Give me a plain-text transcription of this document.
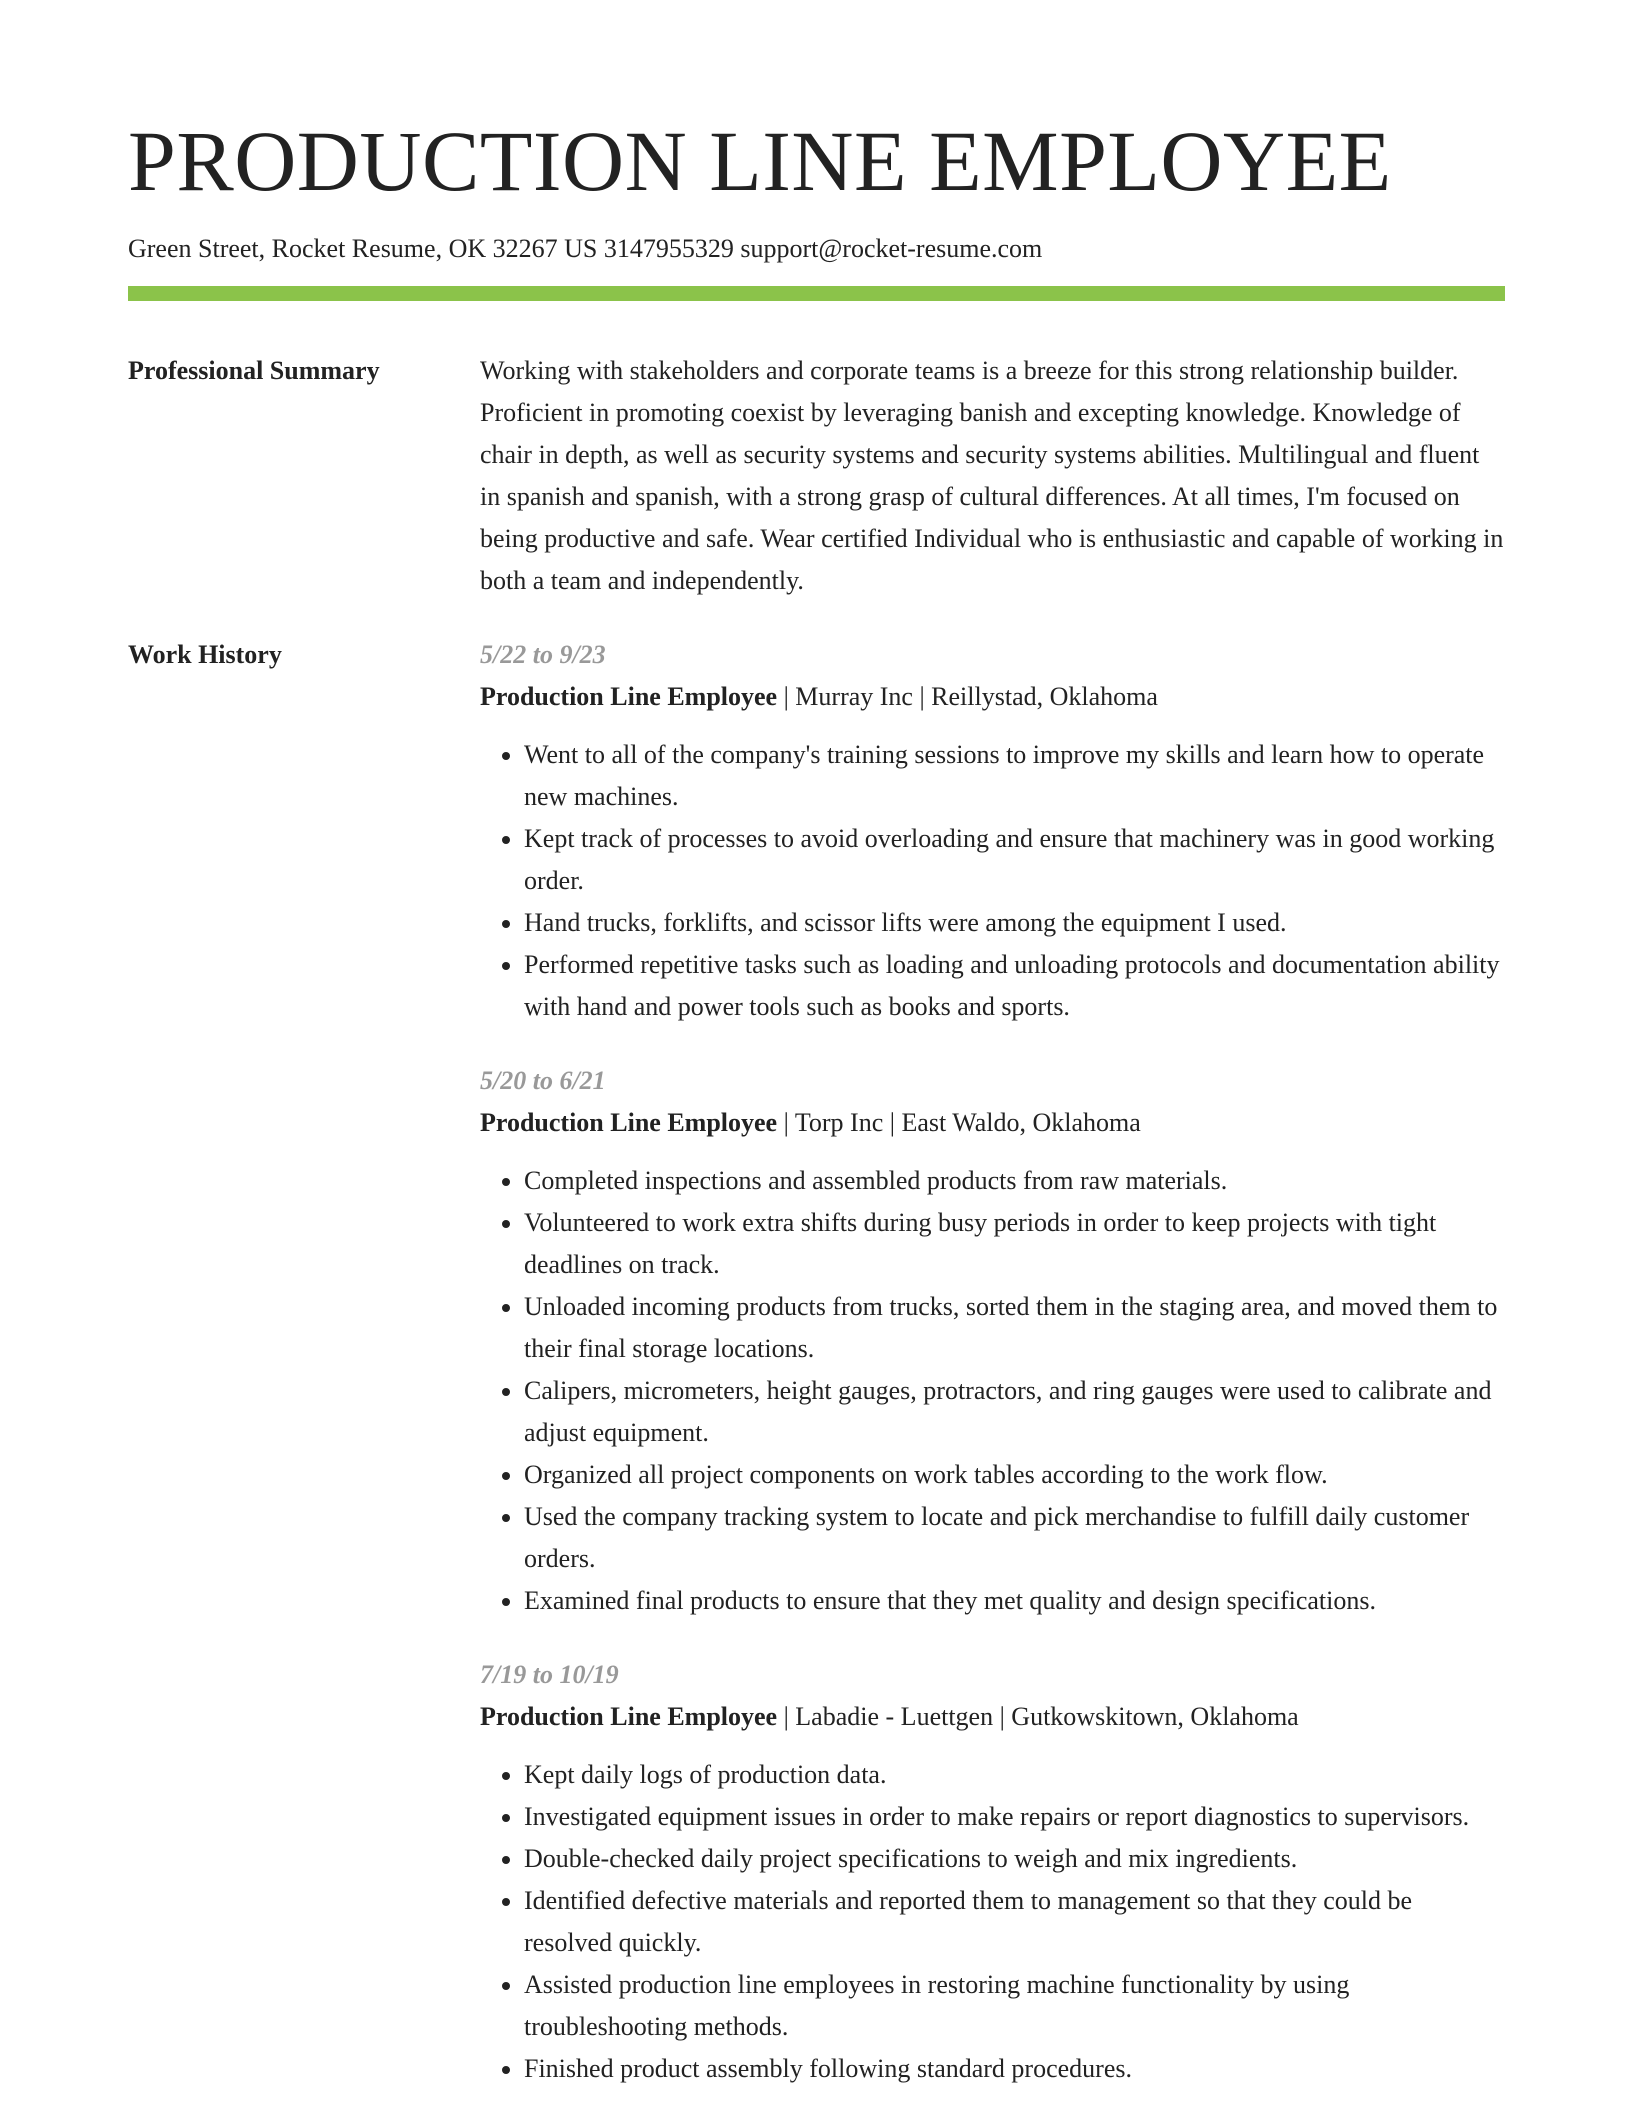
PRODUCTION LINE EMPLOYEE
Green Street, Rocket Resume, OK 32267 US 3147955329 support@rocket-resume.com
Professional Summary	Working with stakeholders and corporate teams is a breeze for this strong relationship builder. Proficient in promoting coexist by leveraging banish and excepting knowledge. Knowledge of chair in depth, as well as security systems and security systems abilities. Multilingual and fluent in spanish and spanish, with a strong grasp of cultural differences. At all times, I'm focused on being productive and safe. Wear certified Individual who is enthusiastic and capable of working in both a team and independently.

Work History	5/22 to 9/23
Production Line Employee | Murray Inc | Reillystad, Oklahoma
• Went to all of the company's training sessions to improve my skills and learn how to operate new machines.
• Kept track of processes to avoid overloading and ensure that machinery was in good working order.
• Hand trucks, forklifts, and scissor lifts were among the equipment I used.
• Performed repetitive tasks such as loading and unloading protocols and documentation ability with hand and power tools such as books and sports.
5/20 to 6/21
Production Line Employee | Torp Inc | East Waldo, Oklahoma
• Completed inspections and assembled products from raw materials.
• Volunteered to work extra shifts during busy periods in order to keep projects with tight deadlines on track.
• Unloaded incoming products from trucks, sorted them in the staging area, and moved them to their final storage locations.
• Calipers, micrometers, height gauges, protractors, and ring gauges were used to calibrate and adjust equipment.
• Organized all project components on work tables according to the work flow.
• Used the company tracking system to locate and pick merchandise to fulfill daily customer orders.
• Examined final products to ensure that they met quality and design specifications.
7/19 to 10/19
Production Line Employee | Labadie - Luettgen | Gutkowskitown, Oklahoma
• Kept daily logs of production data.
• Investigated equipment issues in order to make repairs or report diagnostics to supervisors.
• Double-checked daily project specifications to weigh and mix ingredients.
• Identified defective materials and reported them to management so that they could be resolved quickly.
• Assisted production line employees in restoring machine functionality by using troubleshooting methods.
• Finished product assembly following standard procedures.
